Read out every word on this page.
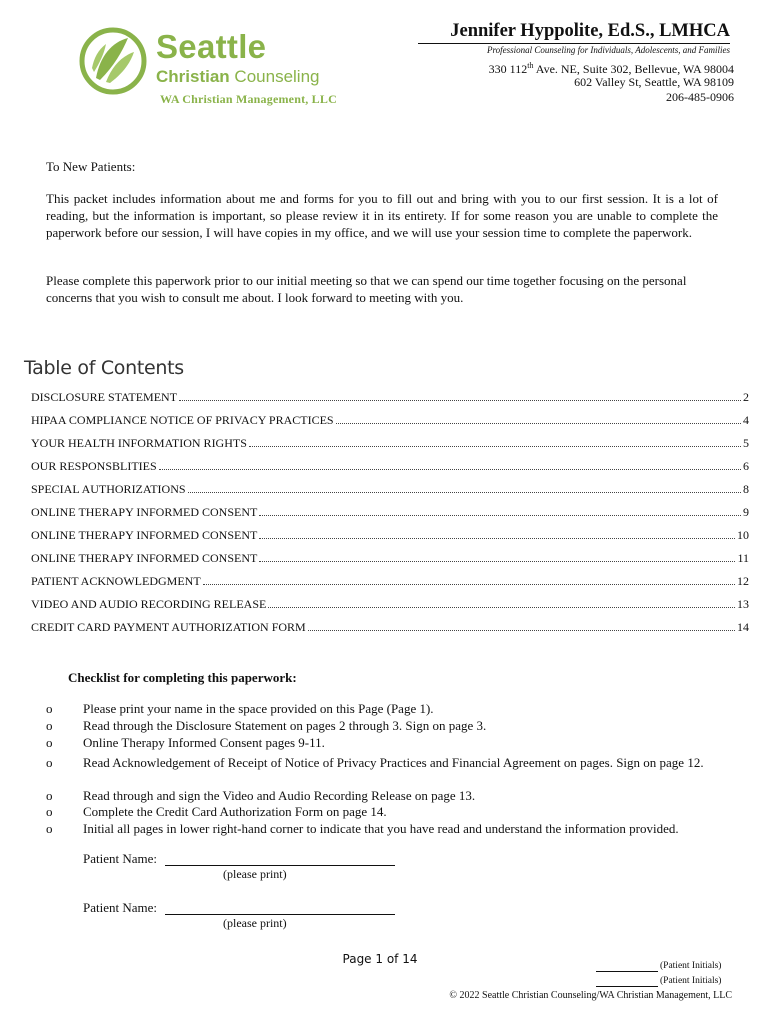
Seattle
Christian Counseling
WA Christian Management, LLC
Jennifer Hyppolite, Ed.S., LMHCA
Professional Counseling for Individuals, Adolescents, and Families
330 112th Ave. NE, Suite 302, Bellevue, WA 98004
602 Valley St, Seattle, WA 98109
206-485-0906
To New Patients:
This packet includes information about me and forms for you to fill out and bring with you to our first session. It is a lot of reading, but the information is important, so please review it in its entirety. If for some reason you are unable to complete the paperwork before our session, I will have copies in my office, and we will use your session time to complete the paperwork.
Please complete this paperwork prior to our initial meeting so that we can spend our time together focusing on the personal concerns that you wish to consult me about. I look forward to meeting with you.
Table of Contents
DISCLOSURE STATEMENT	2
HIPAA COMPLIANCE NOTICE OF PRIVACY PRACTICES	4
YOUR HEALTH INFORMATION RIGHTS	5
OUR RESPONSBLITIES	6
SPECIAL AUTHORIZATIONS	8
ONLINE THERAPY INFORMED CONSENT	9
ONLINE THERAPY INFORMED CONSENT	10
ONLINE THERAPY INFORMED CONSENT	11
PATIENT ACKNOWLEDGMENT	12
VIDEO AND AUDIO RECORDING RELEASE	13
CREDIT CARD PAYMENT AUTHORIZATION FORM	14
Checklist for completing this paperwork:
o Please print your name in the space provided on this Page (Page 1).
o Read through the Disclosure Statement on pages 2 through 3. Sign on page 3.
o Online Therapy Informed Consent pages 9-11.
o Read Acknowledgement of Receipt of Notice of Privacy Practices and Financial Agreement on pages. Sign on page 12.
o Read through and sign the Video and Audio Recording Release on page 13.
o Complete the Credit Card Authorization Form on page 14.
o Initial all pages in lower right-hand corner to indicate that you have read and understand the information provided.
Patient Name:
(please print)
Patient Name:
(please print)
Page 1 of 14	(Patient Initials)
(Patient Initials)
© 2022 Seattle Christian Counseling/WA Christian Management, LLC
